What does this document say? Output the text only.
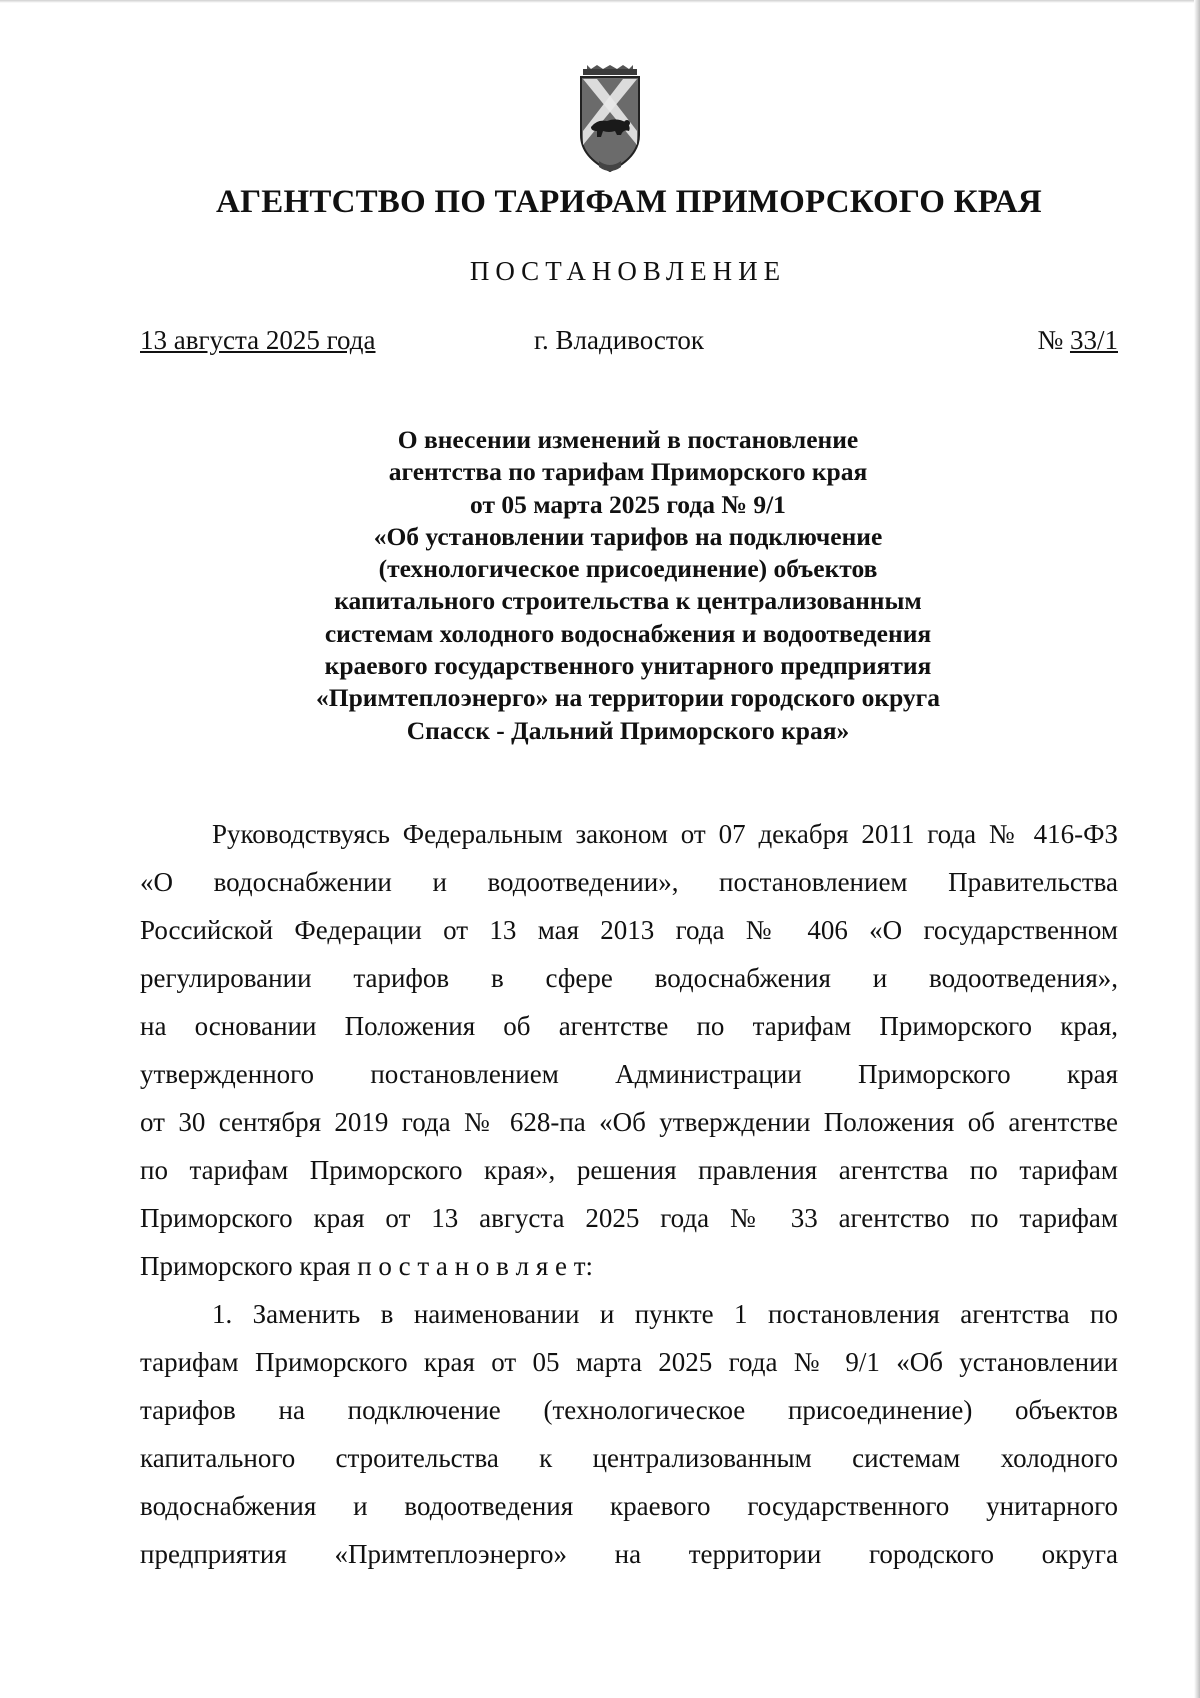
АГЕНТСТВО ПО ТАРИФАМ ПРИМОРСКОГО КРАЯ
ПОСТАНОВЛЕНИЕ
13 августа 2025 года	г. Владивосток	№ 33/1
О внесении изменений в постановление
агентства по тарифам Приморского края
от 05 марта 2025 года № 9/1
«Об установлении тарифов на подключение
(технологическое присоединение) объектов
капитального строительства к централизованным
системам холодного водоснабжения и водоотведения
краевого государственного унитарного предприятия
«Примтеплоэнерго» на территории городского округа
Спасск - Дальний Приморского края»
Руководствуясь Федеральным законом от 07 декабря 2011 года № 416-ФЗ
«О водоснабжении и водоотведении», постановлением Правительства
Российской Федерации от 13 мая 2013 года № 406 «О государственном
регулировании тарифов в сфере водоснабжения и водоотведения»,
на основании Положения об агентстве по тарифам Приморского края,
утвержденного постановлением Администрации Приморского края
от 30 сентября 2019 года № 628-па «Об утверждении Положения об агентстве
по тарифам Приморского края», решения правления агентства по тарифам
Приморского края от 13 августа 2025 года № 33 агентство по тарифам
Приморского края п о с т а н о в л я е т:
1. Заменить в наименовании и пункте 1 постановления агентства по
тарифам Приморского края от 05 марта 2025 года № 9/1 «Об установлении
тарифов на подключение (технологическое присоединение) объектов
капитального строительства к централизованным системам холодного
водоснабжения и водоотведения краевого государственного унитарного
предприятия «Примтеплоэнерго» на территории городского округа
